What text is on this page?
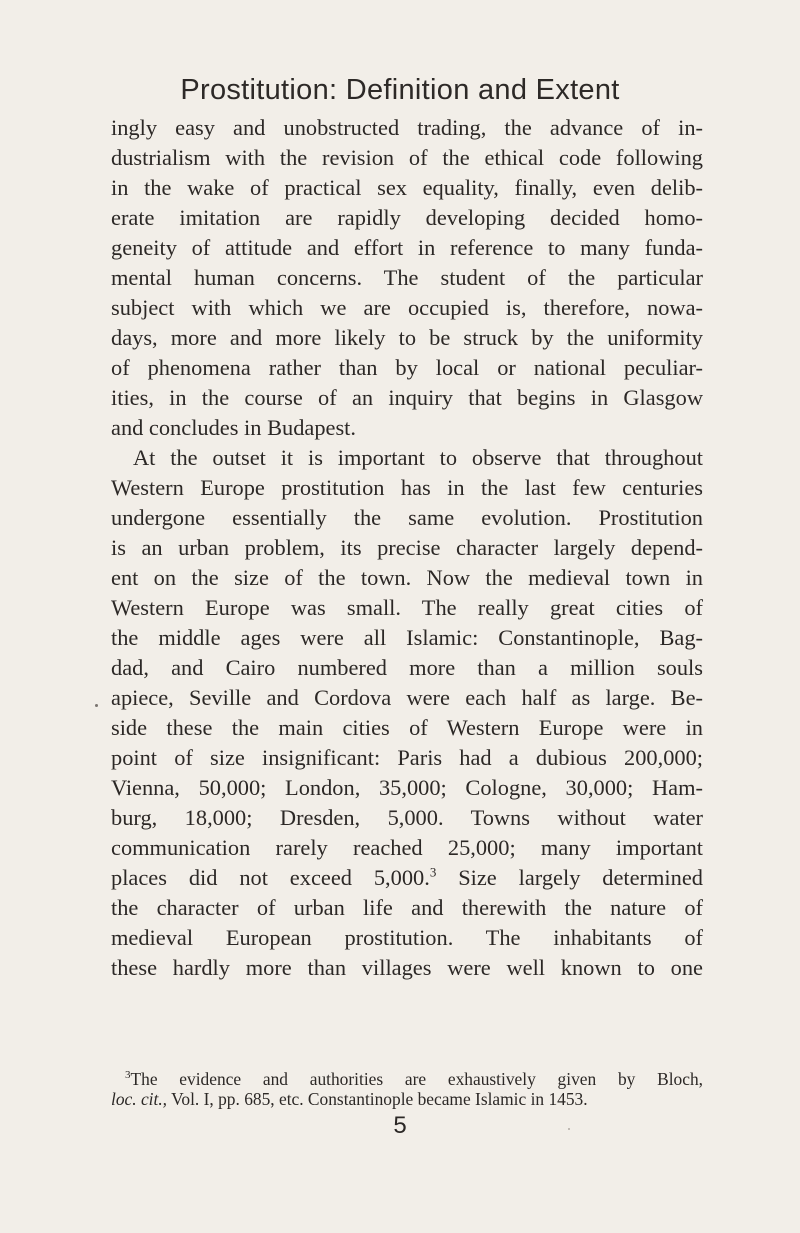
Prostitution: Definition and Extent
ingly easy and unobstructed trading, the advance of in-
dustrialism with the revision of the ethical code following
in the wake of practical sex equality, finally, even delib-
erate imitation are rapidly developing decided homo-
geneity of attitude and effort in reference to many funda-
mental human concerns. The student of the particular
subject with which we are occupied is, therefore, nowa-
days, more and more likely to be struck by the uniformity
of phenomena rather than by local or national peculiar-
ities, in the course of an inquiry that begins in Glasgow
and concludes in Budapest.
At the outset it is important to observe that throughout
Western Europe prostitution has in the last few centuries
undergone essentially the same evolution. Prostitution
is an urban problem, its precise character largely depend-
ent on the size of the town. Now the medieval town in
Western Europe was small. The really great cities of
the middle ages were all Islamic: Constantinople, Bag-
dad, and Cairo numbered more than a million souls
apiece, Seville and Cordova were each half as large. Be-
side these the main cities of Western Europe were in
point of size insignificant: Paris had a dubious 200,000;
Vienna, 50,000; London, 35,000; Cologne, 30,000; Ham-
burg, 18,000; Dresden, 5,000. Towns without water
communication rarely reached 25,000; many important
places did not exceed 5,000.$^3$ Size largely determined
the character of urban life and therewith the nature of
medieval European prostitution. The inhabitants of
these hardly more than villages were well known to one
$^3$The evidence and authorities are exhaustively given by Bloch,
loc. cit., Vol. I, pp. 685, etc. Constantinople became Islamic in 1453.
5
